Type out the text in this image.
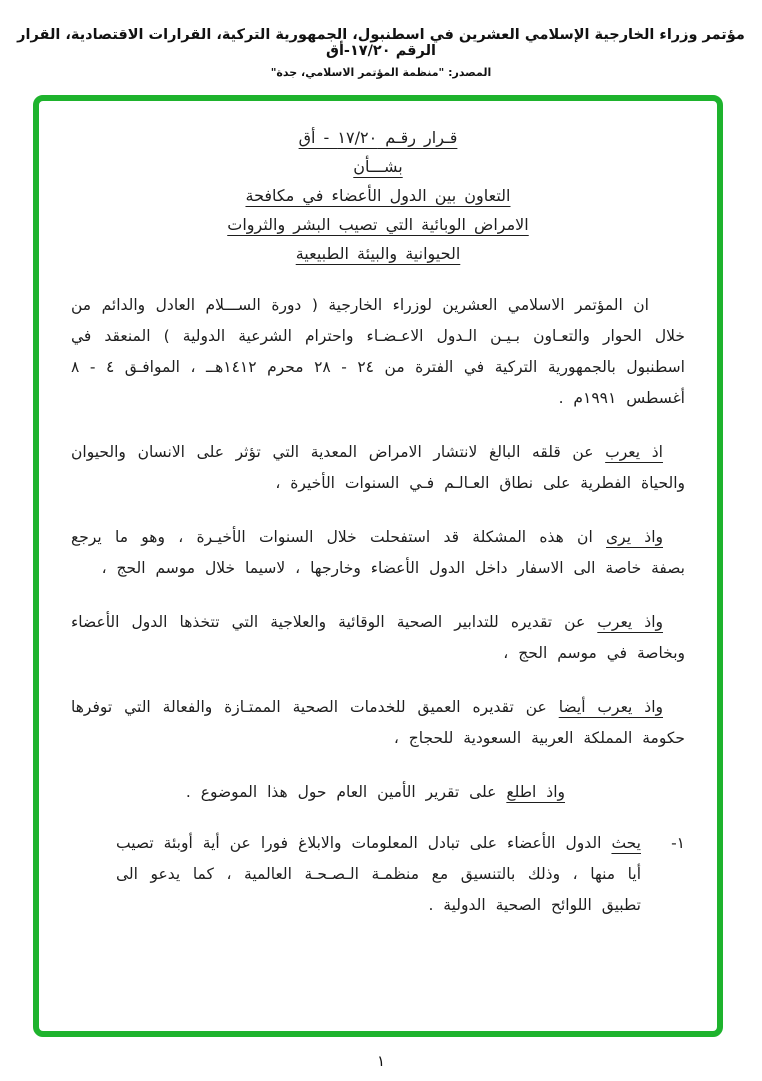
مؤتمر وزراء الخارجية الإسلامي العشرين في اسطنبول، الجمهورية التركية، القرارات الاقتصادية، القرار الرقم ١٧/٢٠-أق
المصدر: "منظمة المؤتمر الاسلامي، جدة"
قـرار رقـم ١٧/٢٠ - أق
بشـــأن
التعاون بين الدول الأعضاء في مكافحة
الامراض الوبائية التي تصيب البشر والثروات
الحيوانية والبيئة الطبيعية

ان المؤتمر الاسلامي العشرين لوزراء الخارجية ( دورة الســـلام العادل والدائم من خلال الحوار والتعـاون بـيـن الـدول الاعـضـاء واحترام الشرعية الدولية ) المنعقد في اسطنبول بالجمهورية التركية في الفترة من ٢٤ - ٢٨ محرم ١٤١٢هــ ، الموافـق ٤ - ٨ أغسطس ١٩٩١م .

اذ يعرب عن قلقه البالغ لانتشار الامراض المعدية التي تؤثر على الانسان والحيوان والحياة الفطرية على نطاق العـالـم فـي السنوات الأخيرة ،

واذ يرى ان هذه المشكلة قد استفحلت خلال السنوات الأخيـرة ، وهو ما يرجع بصفة خاصة الى الاسفار داخل الدول الأعضاء وخارجها ، لاسيما خلال موسم الحج ،

واذ يعرب عن تقديره للتدابير الصحية الوقائية والعلاجية التي تتخذها الدول الأعضاء وبخاصة في موسم الحج ،

واذ يعرب أيضا عن تقديره العميق للخدمات الصحية الممتـازة والفعالة التي توفرها حكومة المملكة العربية السعودية للحجاج ،

واذ اطلع على تقرير الأمين العام حول هذا الموضوع .

١-

يحث الدول الأعضاء على تبادل المعلومات والابلاغ فورا عن أية أوبئة تصيب أيا منها ، وذلك بالتنسيق مع منظمـة الـصـحـة العالمية ، كما يدعو الى تطبيق اللوائح الصحية الدولية .

١
